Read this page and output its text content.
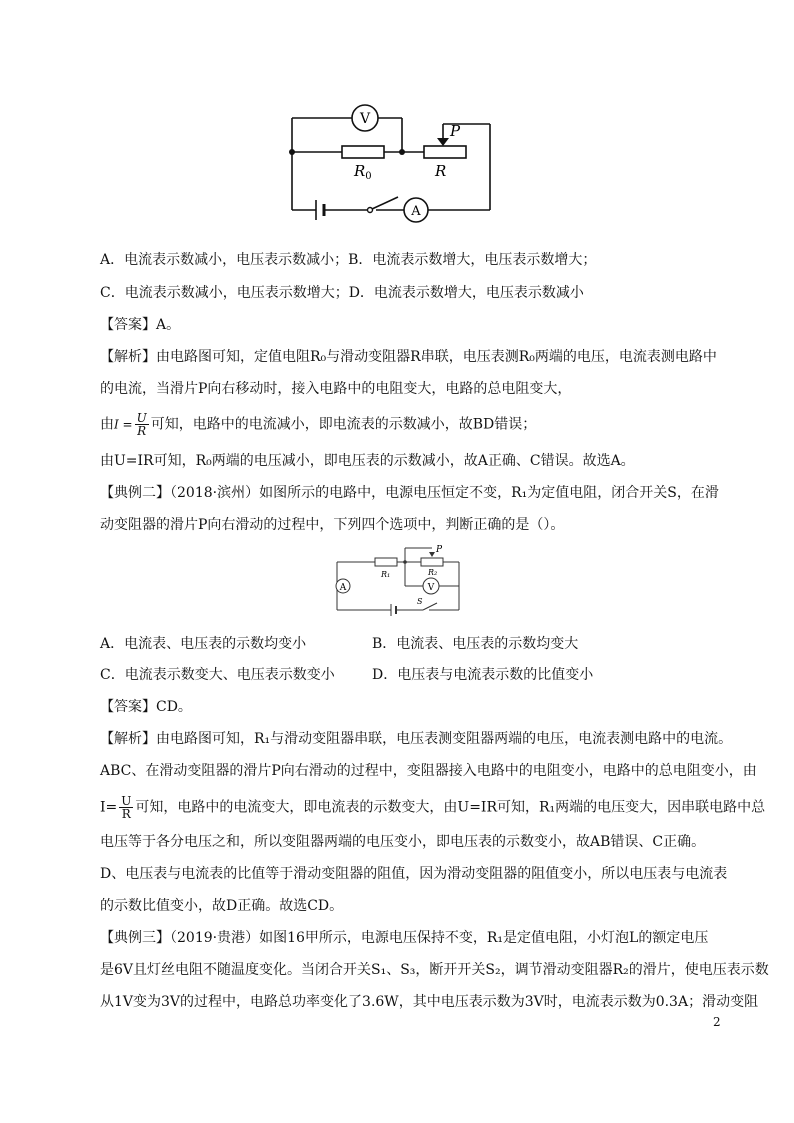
V
A
P
$R_0$	R
A．电流表示数减小，电压表示数减小；B．电流表示数增大，电压表示数增大；
C．电流表示数减小，电压表示数增大；D．电流表示数增大，电压表示数减小
【答案】A。
【解析】由电路图可知，定值电阻R₀与滑动变阻器R串联，电压表测R₀两端的电压，电流表测电路中
的电流，当滑片P向右移动时，接入电路中的电阻变大，电路的总电阻变大，
由$I = \frac{U}{R}$ 可知，电路中的电流减小，即电流表的示数减小，故BD错误；
由U=IR可知，R₀两端的电压减小，即电压表的示数减小，故A正确、C错误。故选A。
【典例二】（2018·滨州）如图所示的电路中，电源电压恒定不变，R₁为定值电阻，闭合开关S，在滑
动变阻器的滑片P向右滑动的过程中，下列四个选项中，判断正确的是（）。
A	V
P
R₁	R₂
S
A．电流表、电压表的示数均变小	B．电流表、电压表的示数均变大
C．电流表示数变大、电压表示数变小	D．电压表与电流表示数的比值变小
【答案】CD。
【解析】由电路图可知，R₁与滑动变阻器串联，电压表测变阻器两端的电压，电流表测电路中的电流。
ABC、在滑动变阻器的滑片P向右滑动的过程中，变阻器接入电路中的电阻变小，电路中的总电阻变小，由
$I= \frac{U}{R}$ 可知，电路中的电流变大，即电流表的示数变大，由U=IR可知，R₁两端的电压变大，因串联电路中总
电压等于各分电压之和，所以变阻器两端的电压变小，即电压表的示数变小，故AB错误、C正确。
D、电压表与电流表的比值等于滑动变阻器的阻值，因为滑动变阻器的阻值变小，所以电压表与电流表
的示数比值变小，故D正确。故选CD。
【典例三】（2019·贵港）如图16甲所示，电源电压保持不变，R₁是定值电阻，小灯泡L的额定电压
是6V且灯丝电阻不随温度变化。当闭合开关S₁、S₃，断开开关S₂，调节滑动变阻器R₂的滑片，使电压表示数
从1V变为3V的过程中，电路总功率变化了3.6W，其中电压表示数为3V时，电流表示数为0.3A；滑动变阻
2
